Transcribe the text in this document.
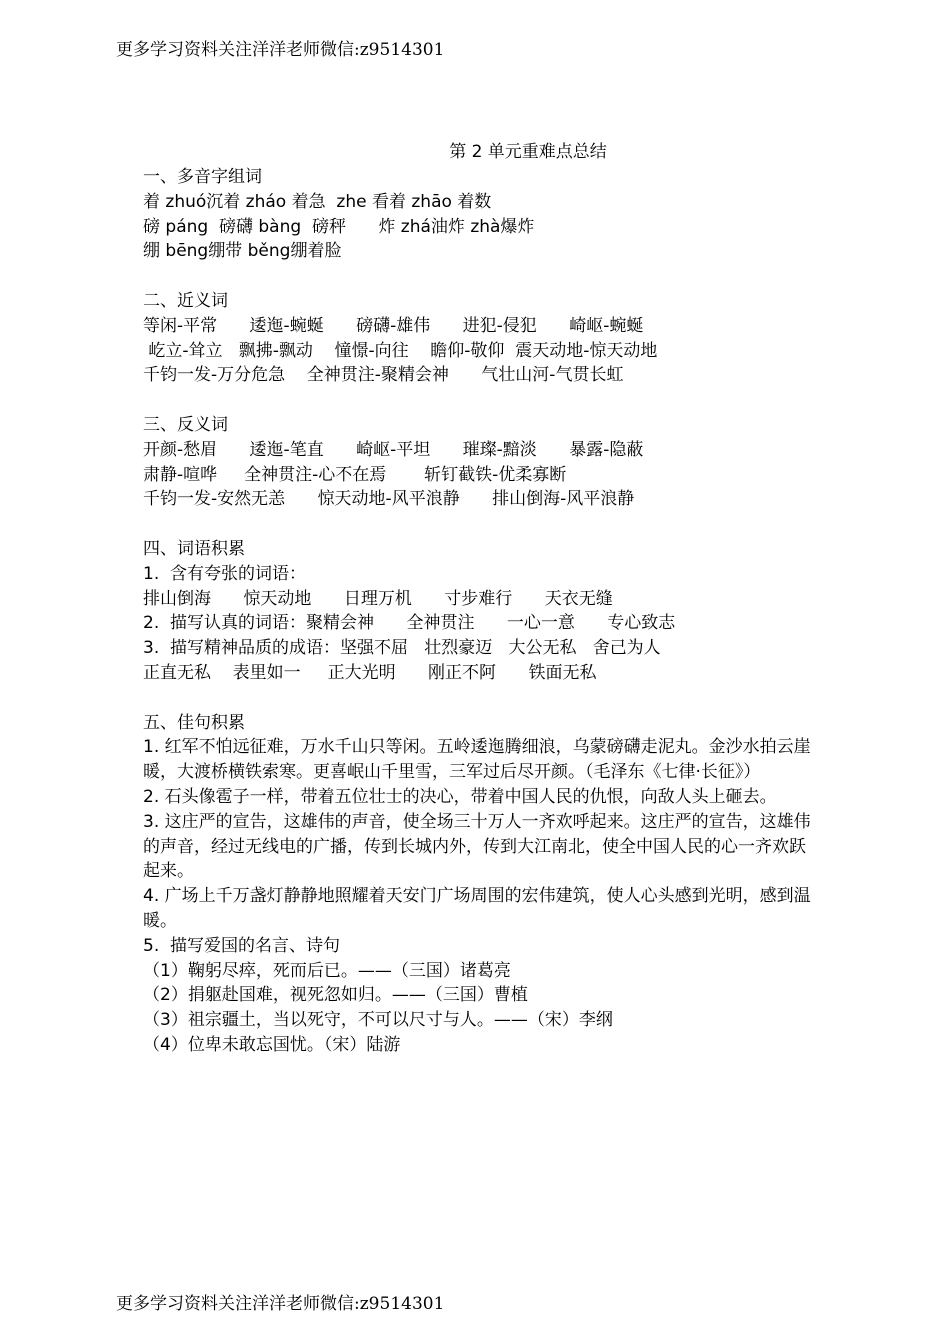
更多学习资料关注洋洋老师微信:z9514301
第 2 单元重难点总结
一、多音字组词
着 zhuó沉着 zháo 着急  zhe 看着 zhāo 着数
磅 páng  磅礴 bàng  磅秤      炸 zhá油炸 zhà爆炸
绷 bēng绷带 běng绷着脸
二、近义词
等闲-平常      逶迤-蜿蜒      磅礴-雄伟      进犯-侵犯      崎岖-蜿蜒
屹立-耸立   飘拂-飘动    憧憬-向往    瞻仰-敬仰  震天动地-惊天动地
千钧一发-万分危急    全神贯注-聚精会神      气壮山河-气贯长虹
三、反义词
开颜-愁眉      逶迤-笔直      崎岖-平坦      璀璨-黯淡      暴露-隐蔽
肃静-喧哗     全神贯注-心不在焉       斩钉截铁-优柔寡断
千钧一发-安然无恙      惊天动地-风平浪静      排山倒海-风平浪静
四、词语积累
1.  含有夸张的词语：
排山倒海      惊天动地      日理万机      寸步难行      天衣无缝
2.  描写认真的词语：聚精会神      全神贯注      一心一意      专心致志
3.  描写精神品质的成语：坚强不屈   壮烈豪迈   大公无私   舍己为人
正直无私    表里如一     正大光明      刚正不阿      铁面无私
五、佳句积累
1. 红军不怕远征难，万水千山只等闲。五岭逶迤腾细浪，乌蒙磅礴走泥丸。金沙水拍云崖暖，大渡桥横铁索寒。更喜岷山千里雪，三军过后尽开颜。（毛泽东《七律·长征》）
2. 石头像雹子一样，带着五位壮士的决心，带着中国人民的仇恨，向敌人头上砸去。
3. 这庄严的宣告，这雄伟的声音，使全场三十万人一齐欢呼起来。这庄严的宣告，这雄伟的声音，经过无线电的广播，传到长城内外，传到大江南北，使全中国人民的心一齐欢跃起来。
4. 广场上千万盏灯静静地照耀着天安门广场周围的宏伟建筑，使人心头感到光明，感到温暖。
5.  描写爱国的名言、诗句
（1）鞠躬尽瘁，死而后已。——（三国）诸葛亮
（2）捐躯赴国难，视死忽如归。——（三国）曹植
（3）祖宗疆土，当以死守，不可以尺寸与人。——（宋）李纲
（4）位卑未敢忘国忧。（宋）陆游
更多学习资料关注洋洋老师微信:z9514301
